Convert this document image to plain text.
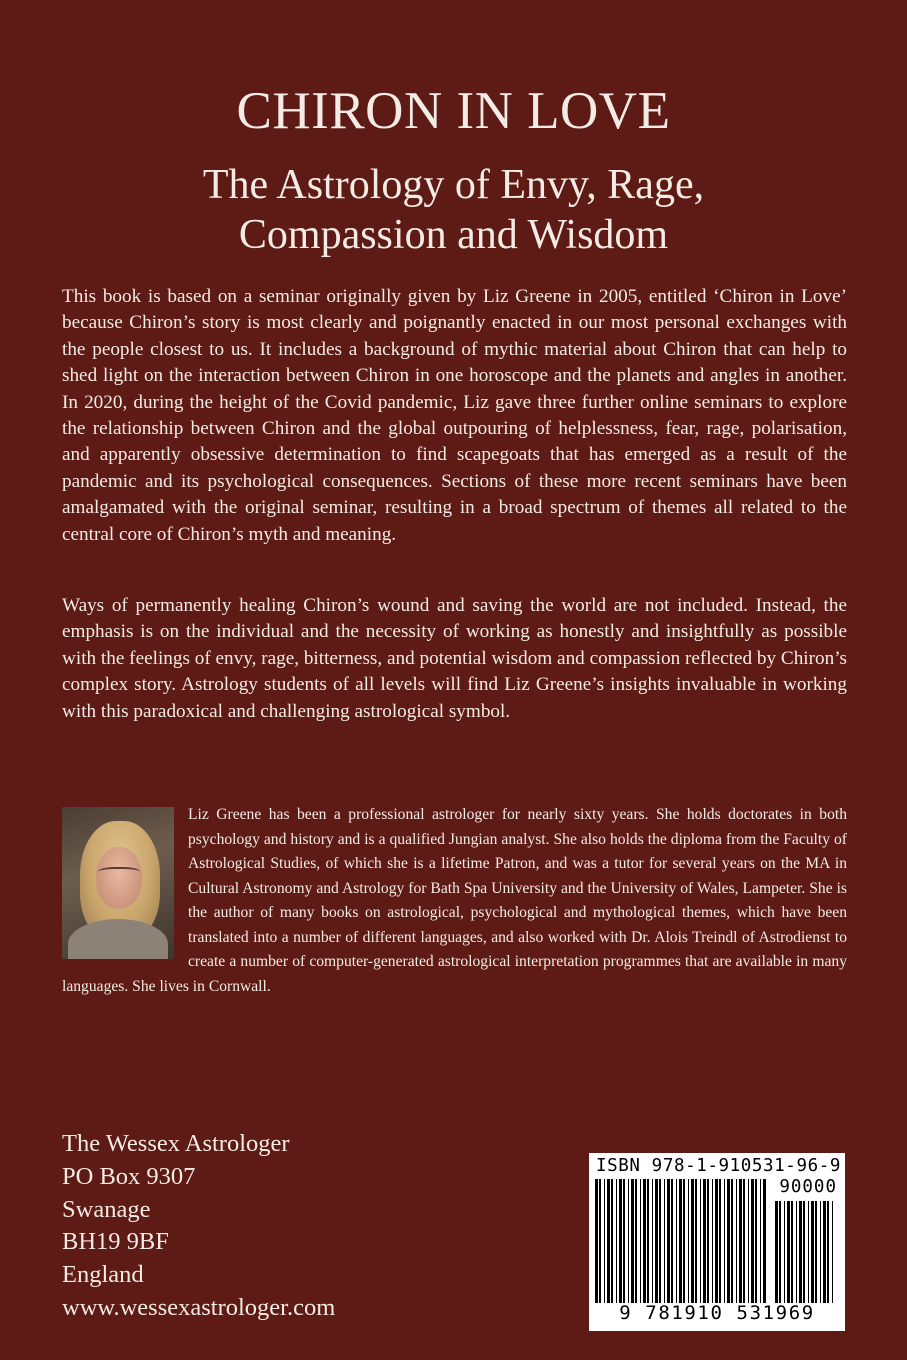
CHIRON IN LOVE
The Astrology of Envy, Rage,
Compassion and Wisdom

This book is based on a seminar originally given by Liz Greene in 2005, entitled ‘Chiron in Love’ because Chiron’s story is most clearly and poignantly enacted in our most personal exchanges with the people closest to us. It includes a background of mythic material about Chiron that can help to shed light on the interaction between Chiron in one horoscope and the planets and angles in another. In 2020, during the height of the Covid pandemic, Liz gave three further online seminars to explore the relationship between Chiron and the global outpouring of helplessness, fear, rage, polarisation, and apparently obsessive determination to find scapegoats that has emerged as a result of the pandemic and its psychological consequences. Sections of these more recent seminars have been amalgamated with the original seminar, resulting in a broad spectrum of themes all related to the central core of Chiron’s myth and meaning.

Ways of permanently healing Chiron’s wound and saving the world are not included. Instead, the emphasis is on the individual and the necessity of working as honestly and insightfully as possible with the feelings of envy, rage, bitterness, and potential wisdom and compassion reflected by Chiron’s complex story. Astrology students of all levels will find Liz Greene’s insights invaluable in working with this paradoxical and challenging astrological symbol.

Liz Greene has been a professional astrologer for nearly sixty years. She holds doctorates in both psychology and history and is a qualified Jungian analyst. She also holds the diploma from the Faculty of Astrological Studies, of which she is a lifetime Patron, and was a tutor for several years on the MA in Cultural Astronomy and Astrology for Bath Spa University and the University of Wales, Lampeter. She is the author of many books on astrological, psychological and mythological themes, which have been translated into a number of different languages, and also worked with Dr. Alois Treindl of Astrodienst to create a number of computer-generated astrological interpretation programmes that are available in many languages. She lives in Cornwall.
The Wessex Astrologer
PO Box 9307
Swanage
BH19 9BF
England
www.wessexastrologer.com
ISBN 978-1-910531-96-9
90000
9 781910 531969
